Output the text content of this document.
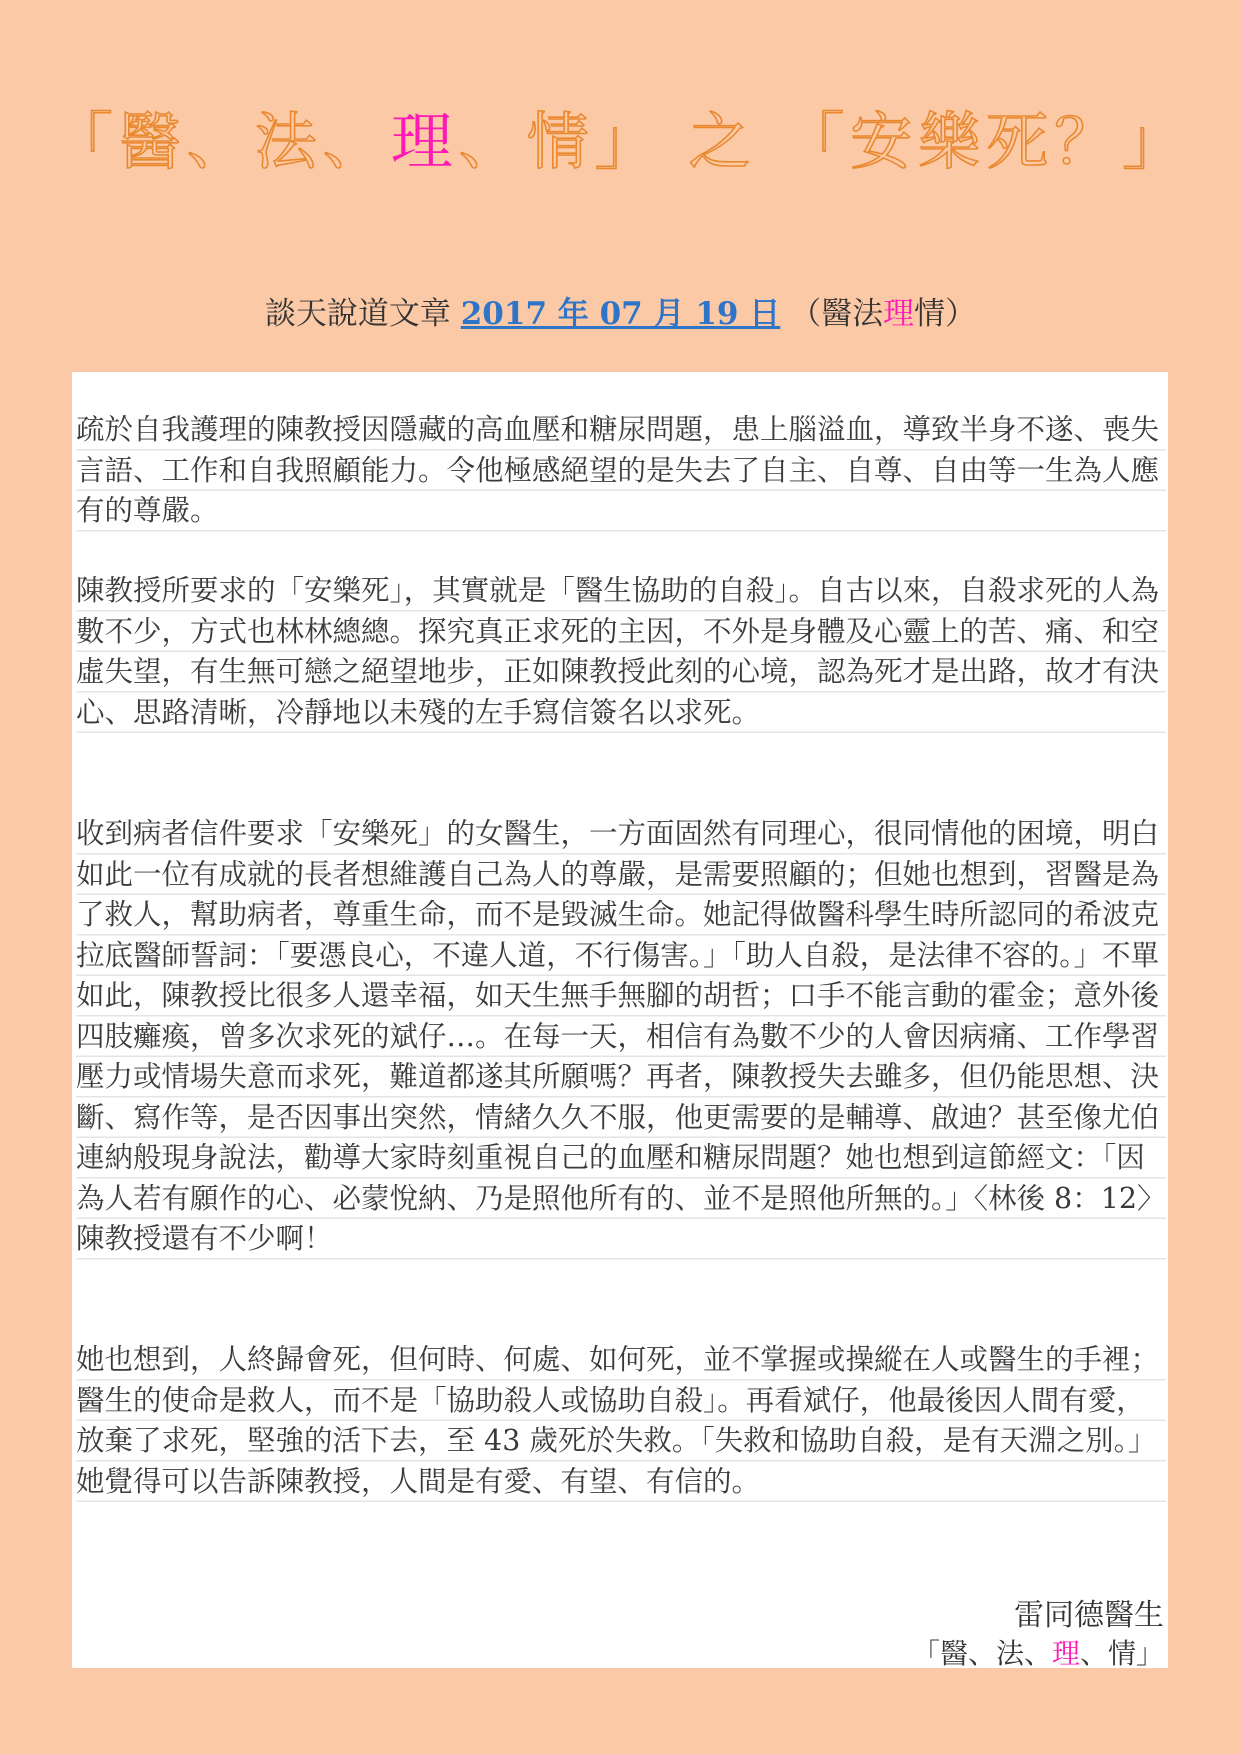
「醫、法、理、情」 之 「安樂死？」
談天說道文章 2017 年 07 月 19 日 （醫法理情）

疏於自我護理的陳教授因隱藏的高血壓和糖尿問題，患上腦溢血，導致半身不遂、喪失言語、工作和自我照顧能力。令他極感絕望的是失去了自主、自尊、自由等一生為人應有的尊嚴。

陳教授所要求的「安樂死」，其實就是「醫生協助的自殺」。自古以來，自殺求死的人為數不少，方式也林林總總。探究真正求死的主因，不外是身體及心靈上的苦、痛、和空虛失望，有生無可戀之絕望地步，正如陳教授此刻的心境，認為死才是出路，故才有決心、思路清晰，冷靜地以未殘的左手寫信簽名以求死。

收到病者信件要求「安樂死」的女醫生，一方面固然有同理心，很同情他的困境，明白如此一位有成就的長者想維護自己為人的尊嚴，是需要照顧的；但她也想到，習醫是為了救人，幫助病者，尊重生命，而不是毀滅生命。她記得做醫科學生時所認同的希波克拉底醫師誓詞：「要憑良心，不違人道，不行傷害。」「助人自殺，是法律不容的。」不單如此，陳教授比很多人還幸福，如天生無手無腳的胡哲；口手不能言動的霍金；意外後四肢癱瘓，曾多次求死的斌仔…。在每一天，相信有為數不少的人會因病痛、工作學習壓力或情場失意而求死，難道都遂其所願嗎？再者，陳教授失去雖多，但仍能思想、決斷、寫作等，是否因事出突然，情緒久久不服，他更需要的是輔導、啟迪？甚至像尤伯連納般現身說法，勸導大家時刻重視自己的血壓和糖尿問題？她也想到這節經文：「因為人若有願作的心、必蒙悅納、乃是照他所有的、並不是照他所無的。」〈林後 8：12〉陳教授還有不少啊！

她也想到，人終歸會死，但何時、何處、如何死，並不掌握或操縱在人或醫生的手裡；醫生的使命是救人，而不是「協助殺人或協助自殺」。再看斌仔，他最後因人間有愛，放棄了求死，堅強的活下去，至 43 歲死於失救。「失救和協助自殺，是有天淵之別。」她覺得可以告訴陳教授，人間是有愛、有望、有信的。

雷同德醫生
「醫、法、理、情」
